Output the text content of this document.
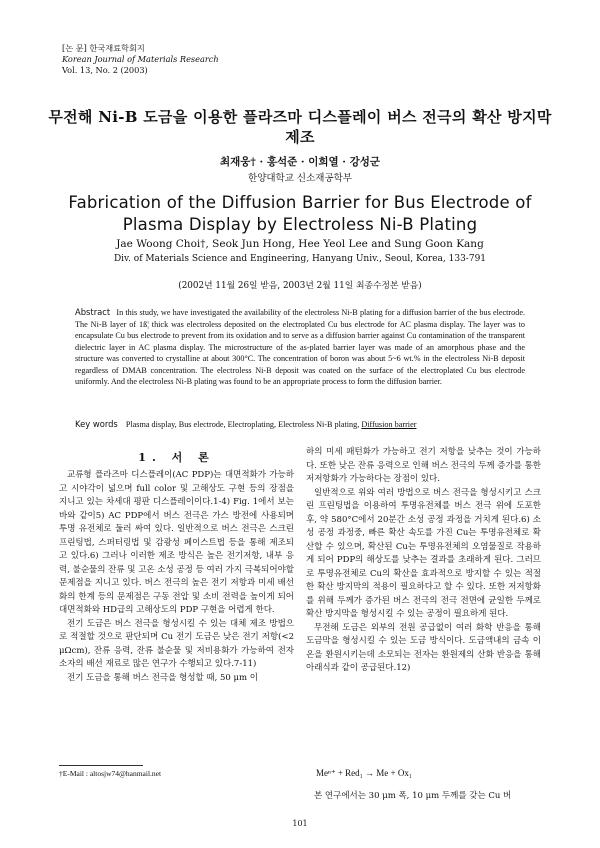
[논 문] 한국재료학회지
Korean Journal of Materials Research
Vol. 13, No. 2 (2003)
무전해 Ni-B 도금을 이용한 플라즈마 디스플레이 버스 전극의 확산 방지막 제조
최재웅† · 홍석준 · 이희열 · 강성군
한양대학교 신소재공학부
Fabrication of the Diffusion Barrier for Bus Electrode of Plasma Display by Electroless Ni-B Plating
Jae Woong Choi†, Seok Jun Hong, Hee Yeol Lee and Sung Goon Kang
Div. of Materials Science and Engineering, Hanyang Univ., Seoul, Korea, 133-791
(2002년 11월 26일 받음, 2003년 2월 11일 최종수정본 받음)
Abstract In this study, we have investigated the availability of the electroless Ni-B plating for a diffusion barrier of the bus electrode. The Ni-B layer of 1ß¦ thick was electroless deposited on the electroplated Cu bus electrode for AC plasma display. The layer was to encapsulate Cu bus electrode to prevent from its oxidation and to serve as a diffusion barrier against Cu contamination of the transparent dielectric layer in AC plasma display. The microstructure of the as-plated barrier layer was made of an amorphous phase and the structure was converted to crystalline at about 300°C. The concentration of boron was about 5~6 wt.% in the electroless Ni-B deposit regardless of DMAB concentration. The electroless Ni-B deposit was coated on the surface of the electroplated Cu bus electrode uniformly. And the electroless Ni-B plating was found to be an appropriate process to form the diffusion barrier.
Key words Plasma display, Bus electrode, Electroplating, Electroless Ni-B plating, Diffusion barrier
1. 서 론

교류형 플라즈마 디스플레이(AC PDP)는 대면적화가 가능하고 시야각이 넓으며 full color 및 고해상도 구현 등의 장점을 지니고 있는 차세대 평판 디스플레이이다.1-4) Fig. 1에서 보는 바와 같이5) AC PDP에서 버스 전극은 가스 방전에 사용되며 투명 유전체로 둘러 싸여 있다. 일반적으로 버스 전극은 스크린 프린팅법, 스퍼터링법 및 감광성 페이스트법 등을 통해 제조되고 있다.6) 그러나 이러한 제조 방식은 높은 전기저항, 내부 응력, 불순물의 잔류 및 고온 소성 공정 등 여러 가지 극복되어야할 문제점을 지니고 있다. 버스 전극의 높은 전기 저항과 미세 배선화의 한계 등의 문제점은 구동 전압 및 소비 전력을 높이게 되어 대면적화와 HD급의 고해상도의 PDP 구현을 어렵게 한다.

전기 도금은 버스 전극을 형성시킬 수 있는 대체 제조 방법으로 적절할 것으로 판단되며 Cu 전기 도금은 낮은 전기 저항(<2 μΩcm), 잔류 응력, 잔류 불순물 및 저비용화가 가능하여 전자 소자의 배선 재료로 많은 연구가 수행되고 있다.7-11)

전기 도금을 통해 버스 전극을 형성할 때, 50 μm 이

하의 미세 패턴화가 가능하고 전기 저항을 낮추는 것이 가능하다. 또한 낮은 잔류 응력으로 인해 버스 전극의 두께 증가를 통한 저저항화가 가능하다는 장점이 있다.

일반적으로 위와 여러 방법으로 버스 전극을 형성시키고 스크린 프린팅법을 이용하여 투명유전체를 버스 전극 위에 도포한 후, 약 580°C에서 20분간 소성 공정 과정을 거치게 된다.6) 소성 공정 과정중, 빠른 확산 속도를 가진 Cu는 투명유전체로 확산할 수 있으며, 확산된 Cu는 투명유전체의 오염물질로 작용하게 되어 PDP의 해상도를 낮추는 결과를 초래하게 된다. 그러므로 투명유전체로 Cu의 확산을 효과적으로 방지할 수 있는 적절한 확산 방지막의 적용이 필요하다고 할 수 있다. 또한 저저항화를 위해 두께가 증가된 버스 전극의 전극 전면에 균일한 두께로 확산 방지막을 형성시킬 수 있는 공정이 필요하게 된다.

무전해 도금은 외부의 전원 공급없이 여러 화학 반응을 통해 도금막을 형성시킬 수 있는 도금 방식이다. 도금액내의 금속 이온을 환원시키는데 소모되는 전자는 환원제의 산화 반응을 통해 아래식과 같이 공급된다.12)

Meⁿ⁺ + Red₁ → Me + Ox₁

본 연구에서는 30 μm 폭, 10 μm 두께를 갖는 Cu 버

†E-Mail : altosjw74@hanmail.net
101
